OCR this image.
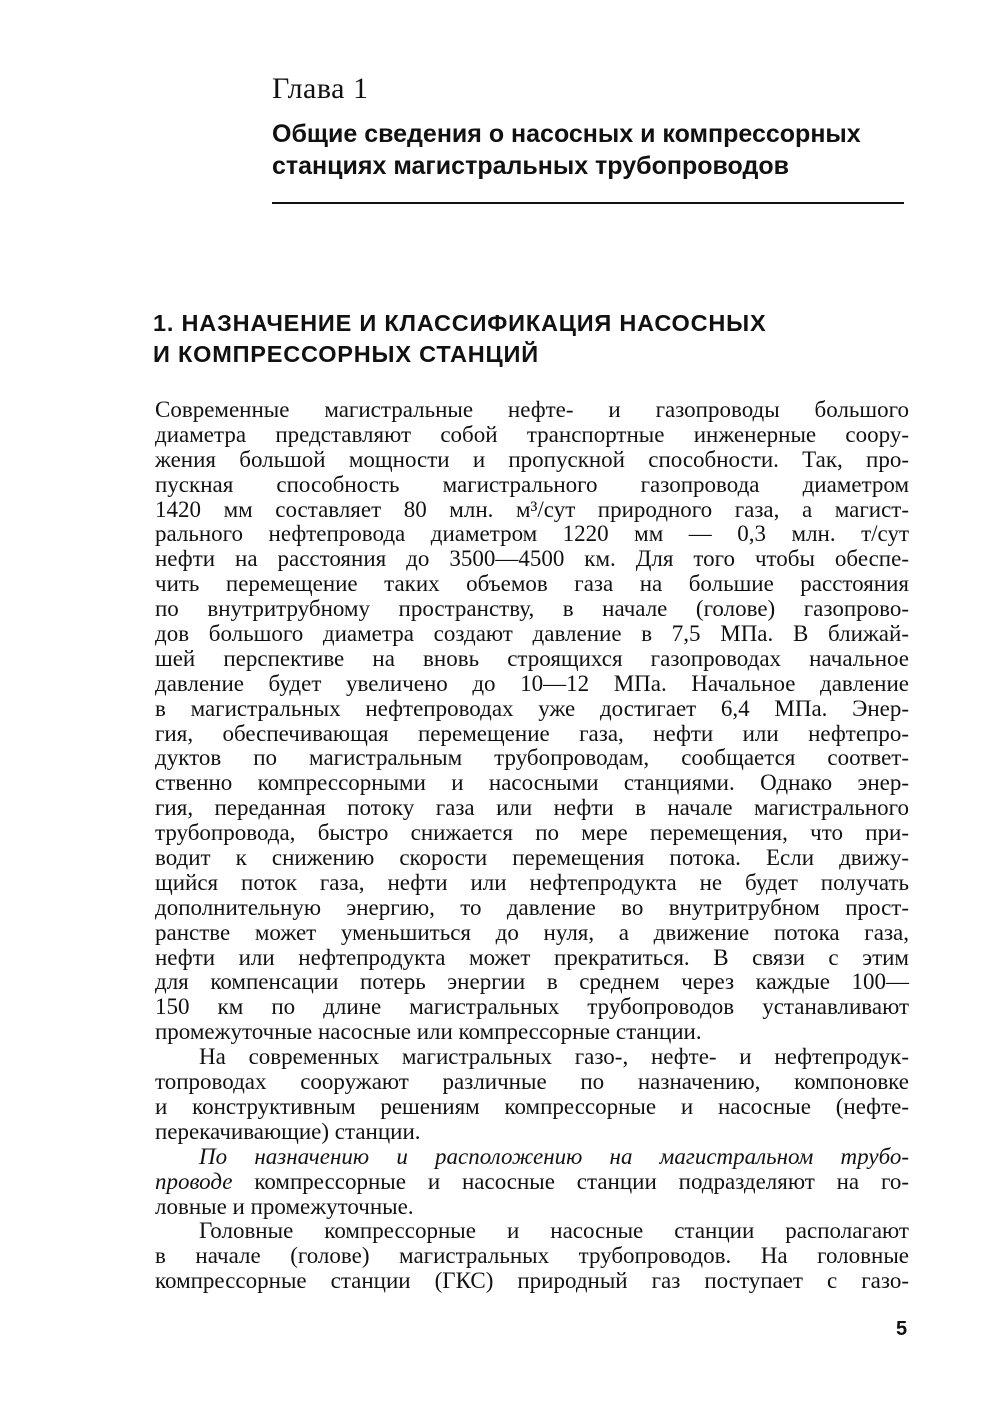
Глава 1
Общие сведения о насосных и компрессорных
станциях магистральных трубопроводов
1. НАЗНАЧЕНИЕ И КЛАССИФИКАЦИЯ НАСОСНЫХ
И КОМПРЕССОРНЫХ СТАНЦИЙ
Современные магистральные нефте- и газопроводы большого
диаметра представляют собой транспортные инженерные соору-
жения большой мощности и пропускной способности. Так, про-
пускная способность магистрального газопровода диаметром
1420 мм составляет 80 млн. м³/сут природного газа, а магист-
рального нефтепровода диаметром 1220 мм — 0,3 млн. т/сут
нефти на расстояния до 3500—4500 км. Для того чтобы обеспе-
чить перемещение таких объемов газа на большие расстояния
по внутритрубному пространству, в начале (голове) газопрово-
дов большого диаметра создают давление в 7,5 МПа. В ближай-
шей перспективе на вновь строящихся газопроводах начальное
давление будет увеличено до 10—12 МПа. Начальное давление
в магистральных нефтепроводах уже достигает 6,4 МПа. Энер-
гия, обеспечивающая перемещение газа, нефти или нефтепро-
дуктов по магистральным трубопроводам, сообщается соответ-
ственно компрессорными и насосными станциями. Однако энер-
гия, переданная потоку газа или нефти в начале магистрального
трубопровода, быстро снижается по мере перемещения, что при-
водит к снижению скорости перемещения потока. Если движу-
щийся поток газа, нефти или нефтепродукта не будет получать
дополнительную энергию, то давление во внутритрубном прост-
ранстве может уменьшиться до нуля, а движение потока газа,
нефти или нефтепродукта может прекратиться. В связи с этим
для компенсации потерь энергии в среднем через каждые 100—
150 км по длине магистральных трубопроводов устанавливают
промежуточные насосные или компрессорные станции.
На современных магистральных газо-, нефте- и нефтепродук-
топроводах сооружают различные по назначению, компоновке
и конструктивным решениям компрессорные и насосные (нефте-
перекачивающие) станции.
По назначению и расположению на магистральном трубо-
проводе компрессорные и насосные станции подразделяют на го-
ловные и промежуточные.
Головные компрессорные и насосные станции располагают
в начале (голове) магистральных трубопроводов. На головные
компрессорные станции (ГКС) природный газ поступает с газо-
5
